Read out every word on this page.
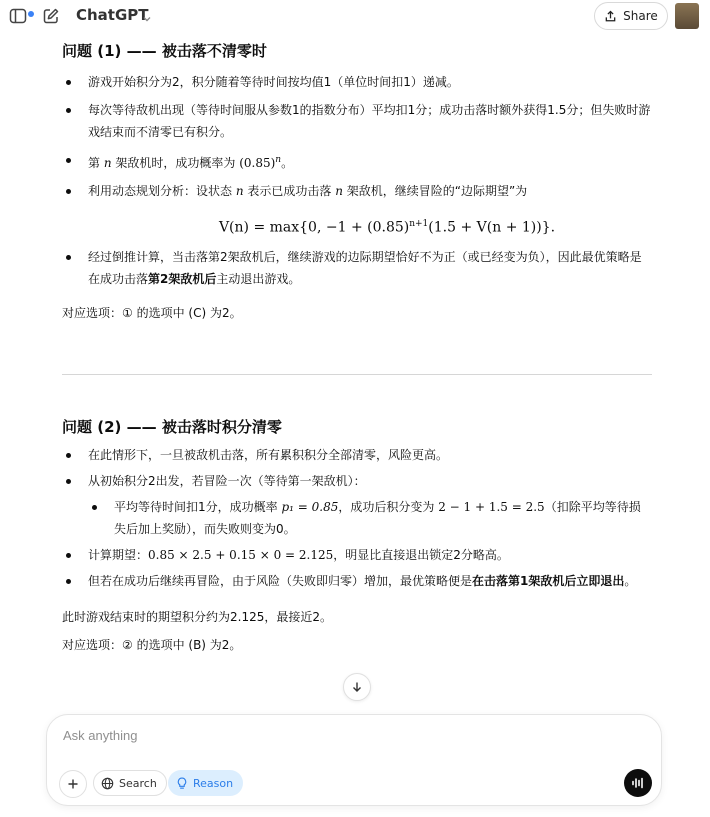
ChatGPT	Share
问题 (1) —— 被击落不清零时
游戏开始积分为2，积分随着等待时间按均值1（单位时间扣1）递减。
每次等待敌机出现（等待时间服从参数1的指数分布）平均扣1分；成功击落时额外获得1.5分；但失败时游戏结束而不清零已有积分。
第 n 架敌机时，成功概率为 $(0.85)^n$。
利用动态规划分析：设状态 n 表示已成功击落 n 架敌机，继续冒险的“边际期望”为
V(n) = max{0, $-1 + (0.85)^{n+1}(1.5 + V(n + 1))$}.
经过倒推计算，当击落第2架敌机后，继续游戏的边际期望恰好不为正（或已经变为负），因此最优策略是在成功击落第2架敌机后主动退出游戏。
对应选项：① 的选项中 (C) 为2。
问题 (2) —— 被击落时积分清零
在此情形下，一旦被敌机击落，所有累积积分全部清零，风险更高。
从初始积分2出发，若冒险一次（等待第一架敌机）：
平均等待时间扣1分，成功概率 p₁ = 0.85，成功后积分变为 2 − 1 + 1.5 = 2.5（扣除平均等待损失后加上奖励），而失败则变为0。
计算期望：0.85 × 2.5 + 0.15 × 0 = 2.125，明显比直接退出锁定2分略高。
但若在成功后继续再冒险，由于风险（失败即归零）增加，最优策略便是在击落第1架敌机后立即退出。
此时游戏结束时的期望积分约为2.125，最接近2。
对应选项：② 的选项中 (B) 为2。
Ask anything
Search	Reason
